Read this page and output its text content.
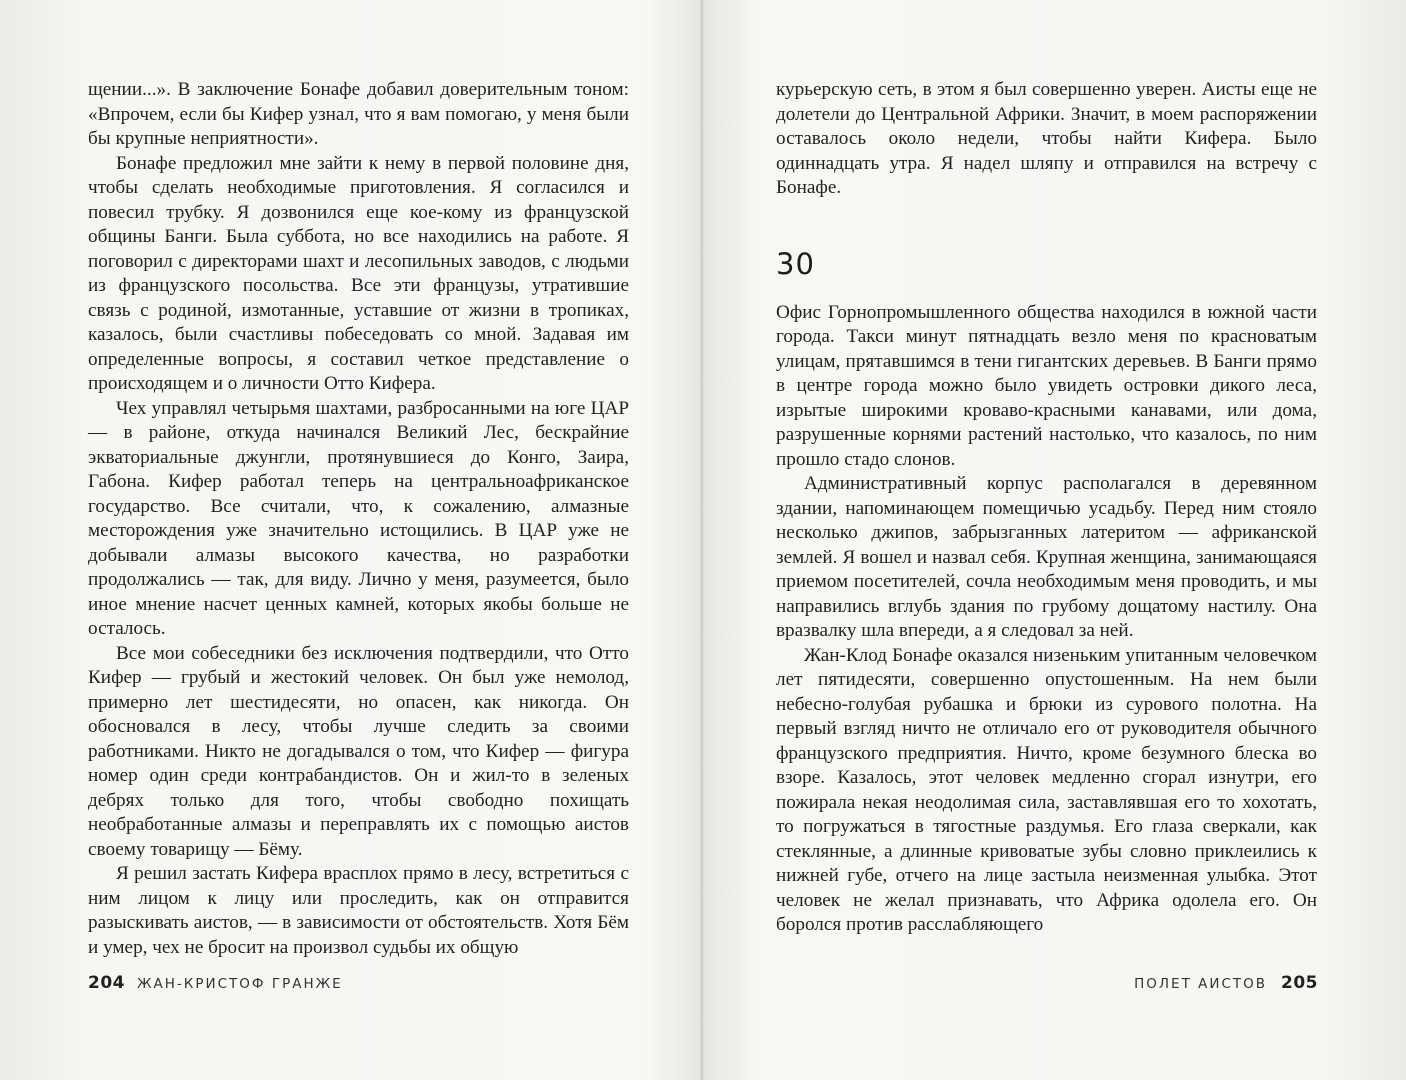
щении...». В заключение Бонафе добавил доверительным тоном: «Впрочем, если бы Кифер узнал, что я вам помогаю, у меня были бы крупные неприятности».

Бонафе предложил мне зайти к нему в первой половине дня, чтобы сделать необходимые приготовления. Я согласился и повесил трубку. Я дозвонился еще кое-кому из французской общины Банги. Была суббота, но все находились на работе. Я поговорил с директорами шахт и лесопильных заводов, с людьми из французского посольства. Все эти французы, утратившие связь с родиной, измотанные, уставшие от жизни в тропиках, казалось, были счастливы побеседовать со мной. Задавая им определенные вопросы, я составил четкое представление о происходящем и о личности Отто Кифера.

Чех управлял четырьмя шахтами, разбросанными на юге ЦАР — в районе, откуда начинался Великий Лес, бескрайние экваториальные джунгли, протянувшиеся до Конго, Заира, Габона. Кифер работал теперь на центральноафриканское государство. Все считали, что, к сожалению, алмазные месторождения уже значительно истощились. В ЦАР уже не добывали алмазы высокого качества, но разработки продолжались — так, для виду. Лично у меня, разумеется, было иное мнение насчет ценных камней, которых якобы больше не осталось.

Все мои собеседники без исключения подтвердили, что Отто Кифер — грубый и жестокий человек. Он был уже немолод, примерно лет шестидесяти, но опасен, как никогда. Он обосновался в лесу, чтобы лучше следить за своими работниками. Никто не догадывался о том, что Кифер — фигура номер один среди контрабандистов. Он и жил-то в зеленых дебрях только для того, чтобы свободно похищать необработанные алмазы и переправлять их с помощью аистов своему товарищу — Бёму.

Я решил застать Кифера врасплох прямо в лесу, встретиться с ним лицом к лицу или проследить, как он отправится разыскивать аистов, — в зависимости от обстоятельств. Хотя Бём и умер, чех не бросит на произвол судьбы их общую

204 ЖАН-КРИСТОФ ГРАНЖЕ

курьерскую сеть, в этом я был совершенно уверен. Аисты еще не долетели до Центральной Африки. Значит, в моем распоряжении оставалось около недели, чтобы найти Кифера. Было одиннадцать утра. Я надел шляпу и отправился на встречу с Бонафе.

30

Офис Горнопромышленного общества находился в южной части города. Такси минут пятнадцать везло меня по красноватым улицам, прятавшимся в тени гигантских деревьев. В Банги прямо в центре города можно было увидеть островки дикого леса, изрытые широкими кроваво-красными канавами, или дома, разрушенные корнями растений настолько, что казалось, по ним прошло стадо слонов.

Административный корпус располагался в деревянном здании, напоминающем помещичью усадьбу. Перед ним стояло несколько джипов, забрызганных латеритом — африканской землей. Я вошел и назвал себя. Крупная женщина, занимающаяся приемом посетителей, сочла необходимым меня проводить, и мы направились вглубь здания по грубому дощатому настилу. Она вразвалку шла впереди, а я следовал за ней.

Жан-Клод Бонафе оказался низеньким упитанным человечком лет пятидесяти, совершенно опустошенным. На нем были небесно-голубая рубашка и брюки из сурового полотна. На первый взгляд ничто не отличало его от руководителя обычного французского предприятия. Ничто, кроме безумного блеска во взоре. Казалось, этот человек медленно сгорал изнутри, его пожирала некая неодолимая сила, заставлявшая его то хохотать, то погружаться в тягостные раздумья. Его глаза сверкали, как стеклянные, а длинные кривоватые зубы словно приклеились к нижней губе, отчего на лице застыла неизменная улыбка. Этот человек не желал признавать, что Африка одолела его. Он боролся против расслабляющего

ПОЛЕТ АИСТОВ 205
